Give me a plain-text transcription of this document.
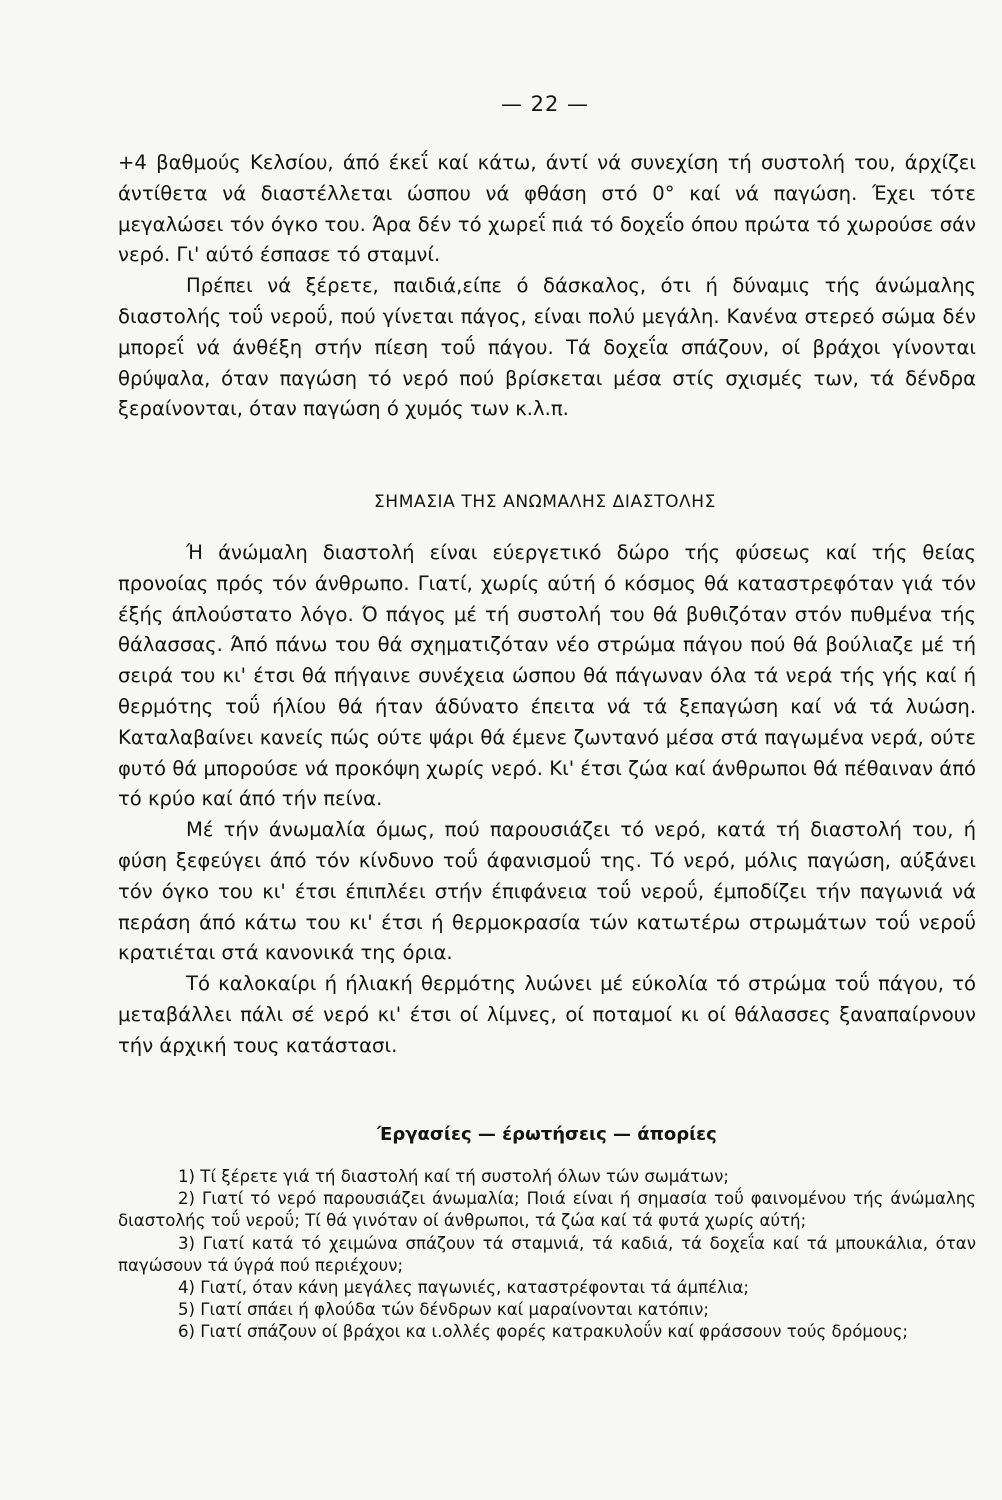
— 22 —

+4 βαθμούς Κελσίου, άπό έκεΐ καί κάτω, άντί νά συνεχίση τή συστολή του, άρχίζει άντίθετα νά διαστέλλεται ώσπου νά φθάση στό 0° καί νά παγώση. Έχει τότε μεγαλώσει τόν όγκο του. Άρα δέν τό χωρεΐ πιά τό δοχεΐο όπου πρώτα τό χωρούσε σάν νερό. Γι' αύτό έσπασε τό σταμνί.

Πρέπει νά ξέρετε, παιδιά,είπε ό δάσκαλος, ότι ή δύναμις τής άνώμαλης διαστολής τοΰ νεροΰ, πού γίνεται πάγος, είναι πολύ μεγάλη. Κανένα στερεό σώμα δέν μπορεΐ νά άνθέξη στήν πίεση τοΰ πάγου. Τά δοχεΐα σπάζουν, οί βράχοι γίνονται θρύψαλα, όταν παγώση τό νερό πού βρίσκεται μέσα στίς σχισμές των, τά δένδρα ξεραίνονται, όταν παγώση ό χυμός των κ.λ.π.

ΣΗΜΑΣΙΑ ΤΗΣ ΑΝΩΜΑΛΗΣ ΔΙΑΣΤΟΛΗΣ

Ή άνώμαλη διαστολή είναι εύεργετικό δώρο τής φύσεως καί τής θείας προνοίας πρός τόν άνθρωπο. Γιατί, χωρίς αύτή ό κόσμος θά καταστρεφόταν γιά τόν έξής άπλούστατο λόγο. Ό πάγος μέ τή συστολή του θά βυθιζόταν στόν πυθμένα τής θάλασσας. Άπό πάνω του θά σχηματιζόταν νέο στρώμα πάγου πού θά βούλιαζε μέ τή σειρά του κι' έτσι θά πήγαινε συνέχεια ώσπου θά πάγωναν όλα τά νερά τής γής καί ή θερμότης τοΰ ήλίου θά ήταν άδύνατο έπειτα νά τά ξεπαγώση καί νά τά λυώση. Καταλαβαίνει κανείς πώς ούτε ψάρι θά έμενε ζωντανό μέσα στά παγωμένα νερά, ούτε φυτό θά μπορούσε νά προκόψη χωρίς νερό. Κι' έτσι ζώα καί άνθρωποι θά πέθαιναν άπό τό κρύο καί άπό τήν πείνα.

Μέ τήν άνωμαλία όμως, πού παρουσιάζει τό νερό, κατά τή διαστολή του, ή φύση ξεφεύγει άπό τόν κίνδυνο τοΰ άφανισμοΰ της. Τό νερό, μόλις παγώση, αύξάνει τόν όγκο του κι' έτσι έπιπλέει στήν έπιφάνεια τοΰ νεροΰ, έμποδίζει τήν παγωνιά νά περάση άπό κάτω του κι' έτσι ή θερμοκρασία τών κατωτέρω στρωμάτων τοΰ νεροΰ κρατιέται στά κανονικά της όρια.

Τό καλοκαίρι ή ήλιακή θερμότης λυώνει μέ εύκολία τό στρώμα τοΰ πάγου, τό μεταβάλλει πάλι σέ νερό κι' έτσι οί λίμνες, οί ποταμοί κι οί θάλασσες ξαναπαίρνουν τήν άρχική τους κατάστασι.

Έργασίες — έρωτήσεις — άπορίες

1) Τί ξέρετε γιά τή διαστολή καί τή συστολή όλων τών σωμάτων;

2) Γιατί τό νερό παρουσιάζει άνωμαλία; Ποιά είναι ή σημασία τοΰ φαινομένου τής άνώμαλης διαστολής τοΰ νεροΰ; Τί θά γινόταν οί άνθρωποι, τά ζώα καί τά φυτά χωρίς αύτή;

3) Γιατί κατά τό χειμώνα σπάζουν τά σταμνιά, τά καδιά, τά δοχεΐα καί τά μπουκάλια, όταν παγώσουν τά ύγρά πού περιέχουν;

4) Γιατί, όταν κάνη μεγάλες παγωνιές, καταστρέφονται τά άμπέλια;

5) Γιατί σπάει ή φλούδα τών δένδρων καί μαραίνονται κατόπιν;

6) Γιατί σπάζουν οί βράχοι κα ι.ολλές φορές κατρακυλοΰν καί φράσσουν τούς δρόμους;
